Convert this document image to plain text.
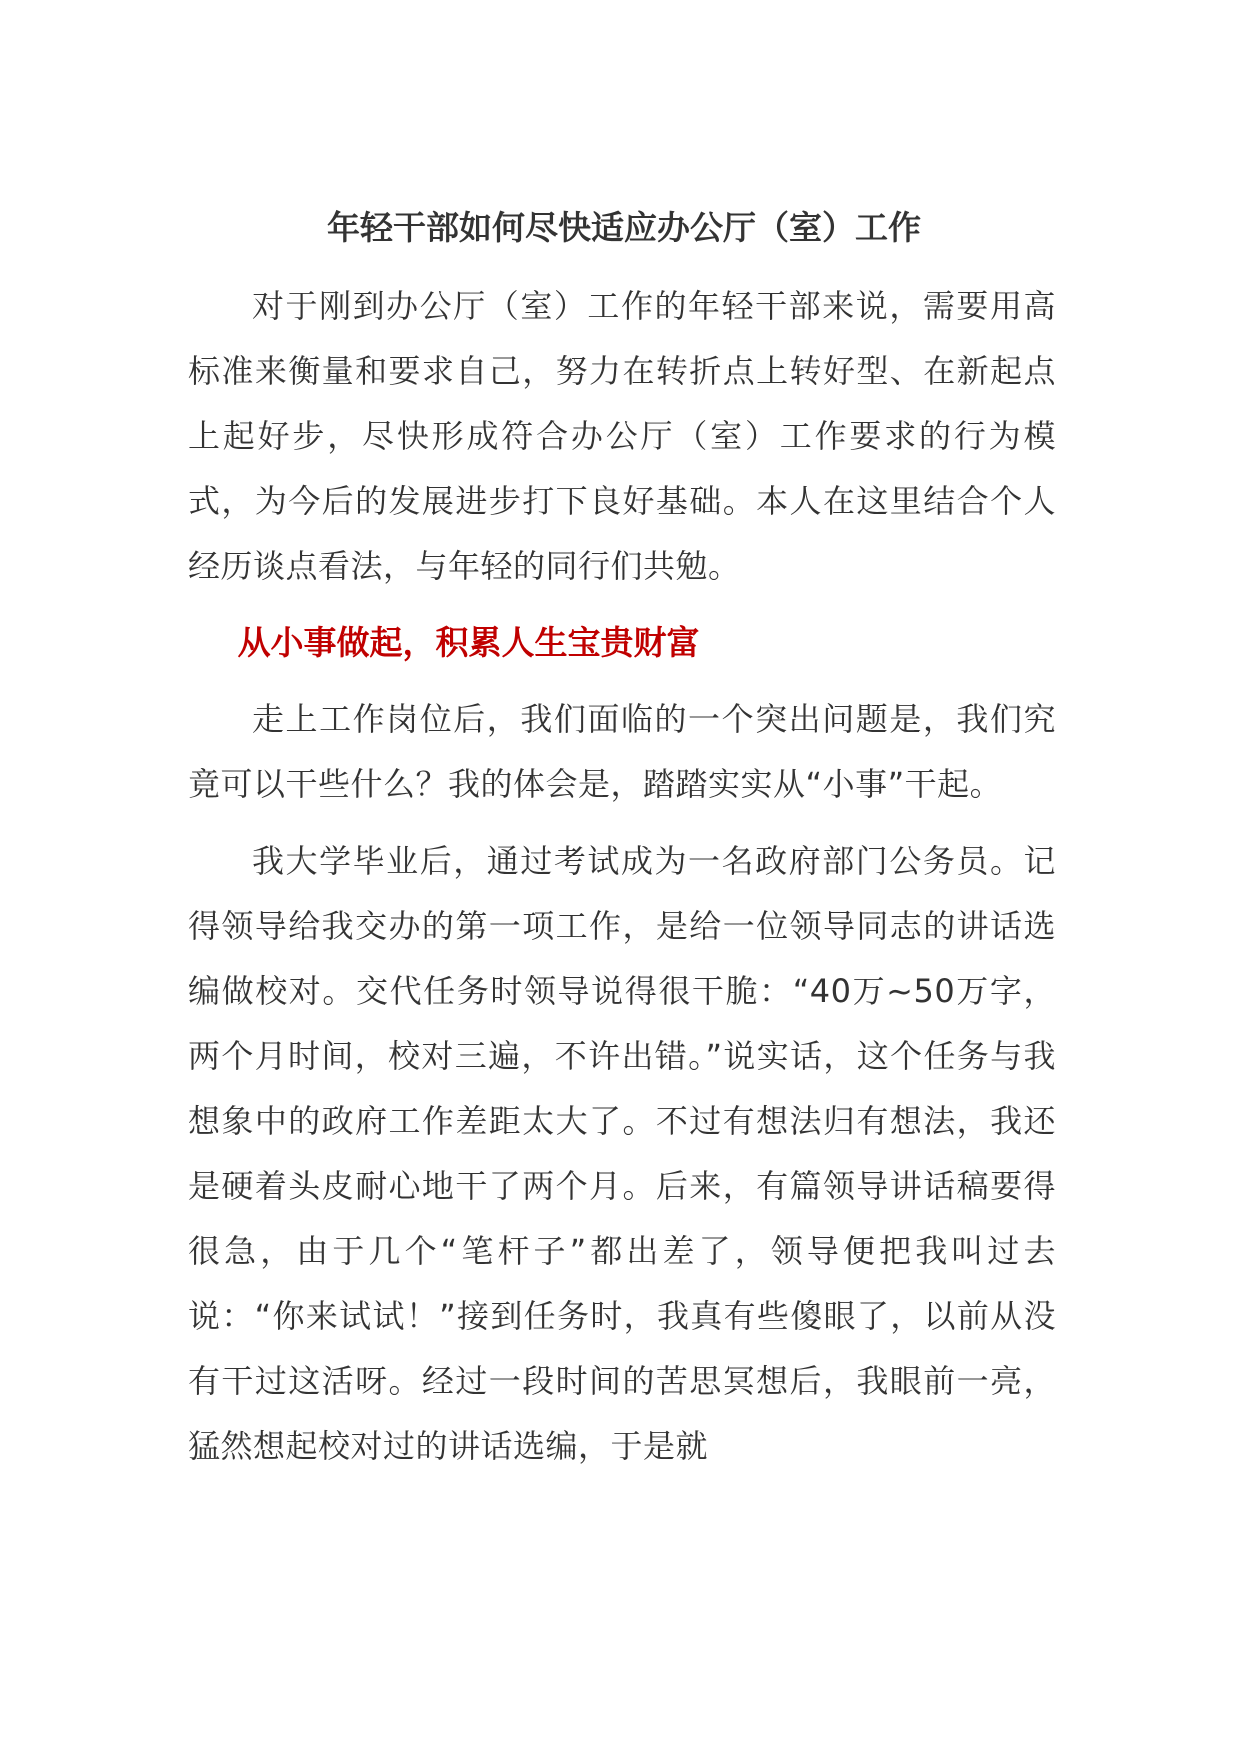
年轻干部如何尽快适应办公厅（室）工作

对于刚到办公厅（室）工作的年轻干部来说，需要用高标准来衡量和要求自己，努力在转折点上转好型、在新起点上起好步，尽快形成符合办公厅（室）工作要求的行为模式，为今后的发展进步打下良好基础。本人在这里结合个人经历谈点看法，与年轻的同行们共勉。

从小事做起，积累人生宝贵财富

走上工作岗位后，我们面临的一个突出问题是，我们究竟可以干些什么？我的体会是，踏踏实实从“小事”干起。

我大学毕业后，通过考试成为一名政府部门公务员。记得领导给我交办的第一项工作，是给一位领导同志的讲话选编做校对。交代任务时领导说得很干脆：“40万~50万字，两个月时间，校对三遍，不许出错。”说实话，这个任务与我想象中的政府工作差距太大了。不过有想法归有想法，我还是硬着头皮耐心地干了两个月。后来，有篇领导讲话稿要得很急，由于几个“笔杆子”都出差了，领导便把我叫过去说：“你来试试！”接到任务时，我真有些傻眼了，以前从没有干过这活呀。经过一段时间的苦思冥想后，我眼前一亮，猛然想起校对过的讲话选编，于是就
